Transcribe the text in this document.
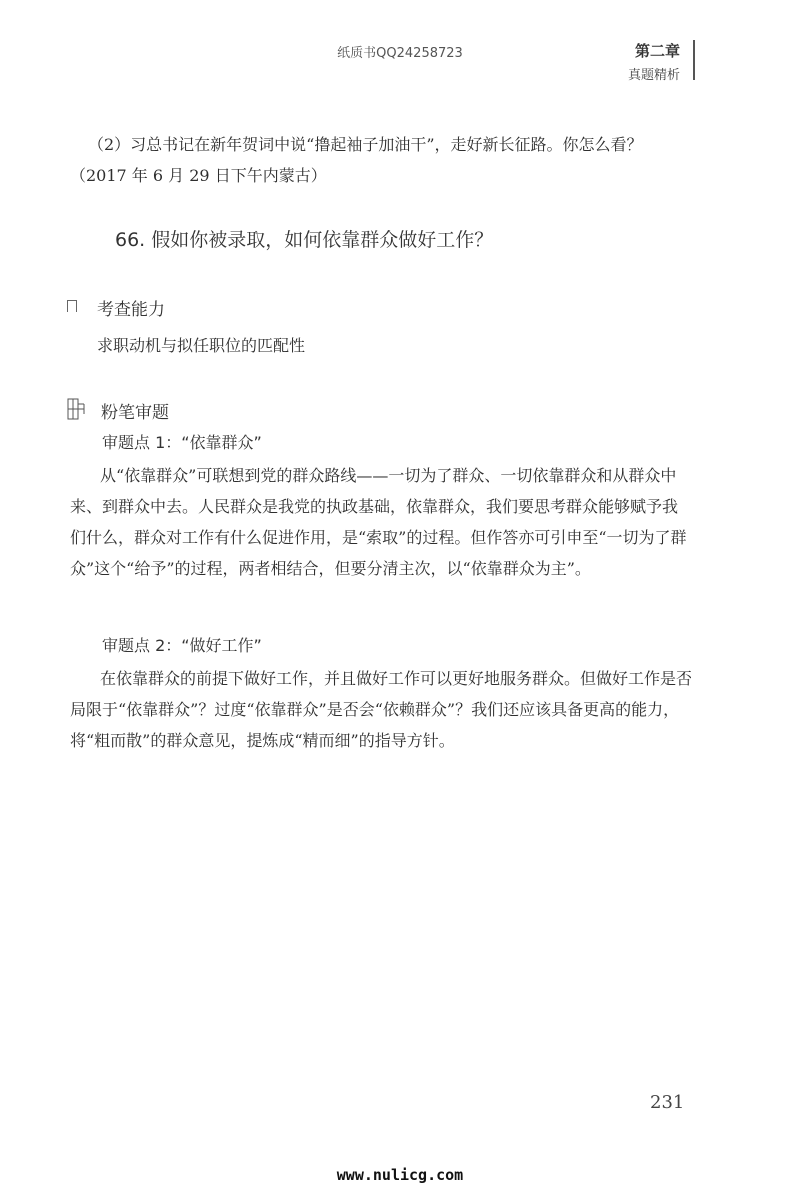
纸质书QQ24258723	第二章
真题精析
（2）习总书记在新年贺词中说“撸起袖子加油干”，走好新长征路。你怎么看？
（2017 年 6 月 29 日下午内蒙古）
66. 假如你被录取，如何依靠群众做好工作？
考查能力
求职动机与拟任职位的匹配性
粉笔审题
审题点 1：“依靠群众”
从“依靠群众”可联想到党的群众路线——一切为了群众、一切依靠群众和从群众中来、到群众中去。人民群众是我党的执政基础，依靠群众，我们要思考群众能够赋予我们什么，群众对工作有什么促进作用，是“索取”的过程。但作答亦可引申至“一切为了群众”这个“给予”的过程，两者相结合，但要分清主次，以“依靠群众为主”。
审题点 2：“做好工作”
在依靠群众的前提下做好工作，并且做好工作可以更好地服务群众。但做好工作是否局限于“依靠群众”？过度“依靠群众”是否会“依赖群众”？我们还应该具备更高的能力，将“粗而散”的群众意见，提炼成“精而细”的指导方针。
231
www.nulicg.com
